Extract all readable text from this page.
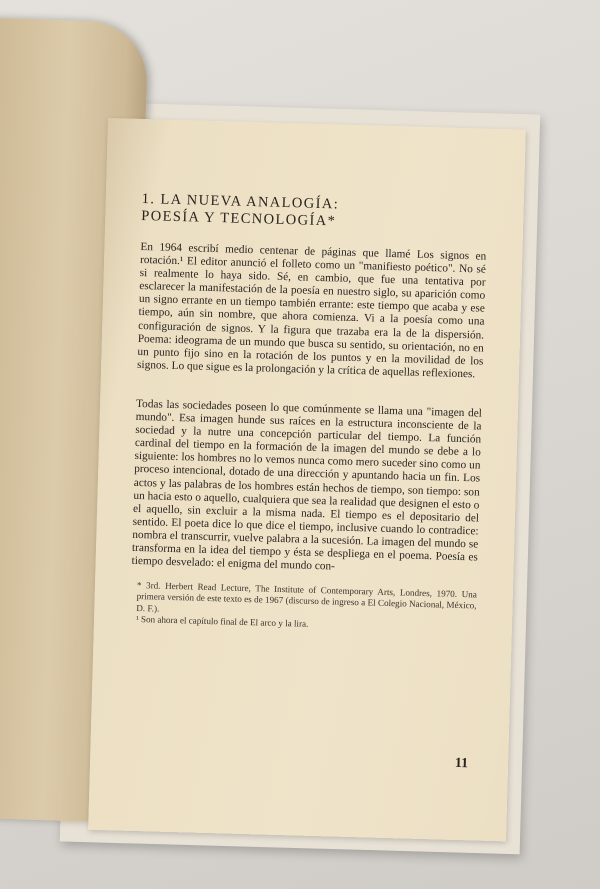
1. LA NUEVA ANALOGÍA:
POESÍA Y TECNOLOGÍA*

En 1964 escribí medio centenar de páginas que llamé Los signos en rotación.¹ El editor anunció el folleto como un "manifiesto poético". No sé si realmente lo haya sido. Sé, en cambio, que fue una tentativa por esclarecer la manifestación de la poesía en nuestro siglo, su aparición como un signo errante en un tiempo también errante: este tiempo que acaba y ese tiempo, aún sin nombre, que ahora comienza. Vi a la poesía como una configuración de signos. Y la figura que trazaba era la de la dispersión. Poema: ideograma de un mundo que busca su sentido, su orientación, no en un punto fijo sino en la rotación de los puntos y en la movilidad de los signos. Lo que sigue es la prolongación y la crítica de aquellas reflexiones.

Todas las sociedades poseen lo que comúnmente se llama una "imagen del mundo". Esa imagen hunde sus raíces en la estructura inconsciente de la sociedad y la nutre una concepción particular del tiempo. La función cardinal del tiempo en la formación de la imagen del mundo se debe a lo siguiente: los hombres no lo vemos nunca como mero suceder sino como un proceso intencional, dotado de una dirección y apuntando hacia un fin. Los actos y las palabras de los hombres están hechos de tiempo, son tiempo: son un hacia esto o aquello, cualquiera que sea la realidad que designen el esto o el aquello, sin excluir a la misma nada. El tiempo es el depositario del sentido. El poeta dice lo que dice el tiempo, inclusive cuando lo contradice: nombra el transcurrir, vuelve palabra a la sucesión. La imagen del mundo se transforma en la idea del tiempo y ésta se despliega en el poema. Poesía es tiempo desvelado: el enigma del mundo con-

* 3rd. Herbert Read Lecture, The Institute of Contemporary Arts, Londres, 1970. Una primera versión de este texto es de 1967 (discurso de ingreso a El Colegio Nacional, México, D. F.).

¹ Son ahora el capítulo final de El arco y la lira.

11
